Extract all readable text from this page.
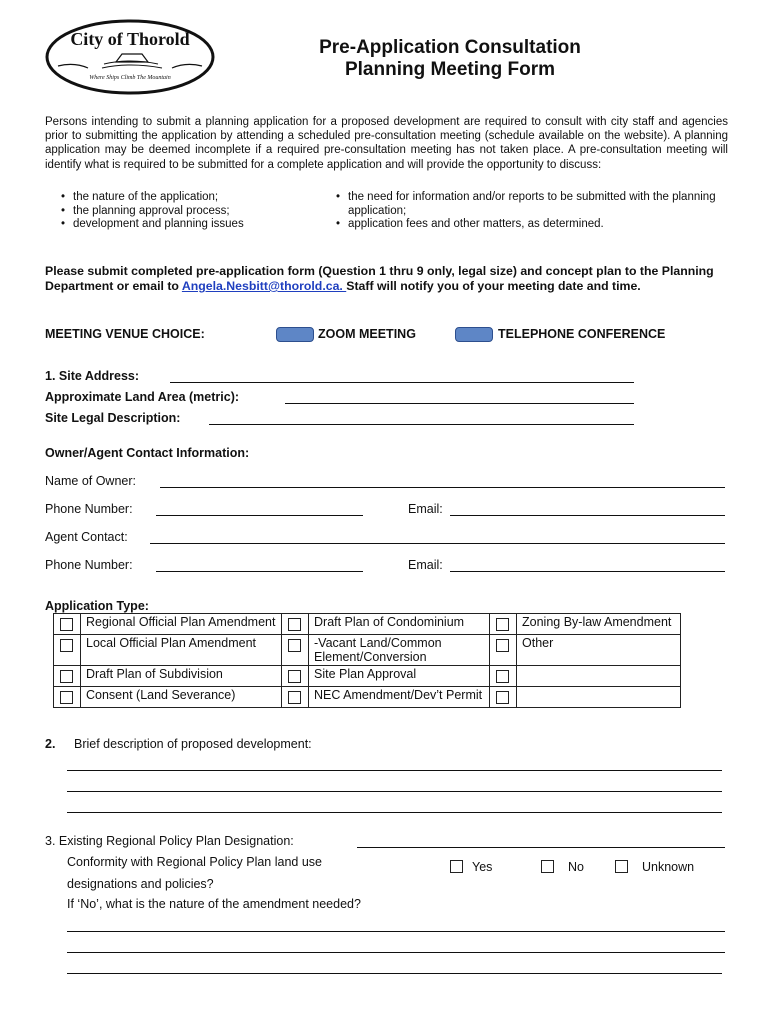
City of Thorold
Where Ships Climb The Mountain
Pre-Application Consultation
Planning Meeting Form
Persons intending to submit a planning application for a proposed development are required to consult with city staff and agencies prior to submitting the application by attending a scheduled pre-consultation meeting (schedule available on the website). A planning application may be deemed incomplete if a required pre-consultation meeting has not taken place. A pre-consultation meeting will identify what is required to be submitted for a complete application and will provide the opportunity to discuss:
• the nature of the application;
• the planning approval process;
• development and planning issues
• the need for information and/or reports to be submitted with the planning application;
• application fees and other matters, as determined.
Please submit completed pre-application form (Question 1 thru 9 only, legal size) and concept plan to the Planning Department or email to Angela.Nesbitt@thorold.ca. Staff will notify you of your meeting date and time.
MEETING VENUE CHOICE:	ZOOM MEETING	TELEPHONE CONFERENCE
1. Site Address:
Approximate Land Area (metric):
Site Legal Description:
Owner/Agent Contact Information:
Name of Owner:
Phone Number:	Email:
Agent Contact:
Phone Number:	Email:
Application Type:
	Regional Official Plan Amendment		Draft Plan of Condominium		Zoning By-law Amendment
	Local Official Plan Amendment		-Vacant Land/Common Element/Conversion		Other
	Draft Plan of Subdivision		Site Plan Approval		
	Consent (Land Severance)		NEC Amendment/Dev’t Permit		
2. Brief description of proposed development:
3. Existing Regional Policy Plan Designation:
Conformity with Regional Policy Plan land use
designations and policies?
Yes	No	Unknown
If ‘No’, what is the nature of the amendment needed?
